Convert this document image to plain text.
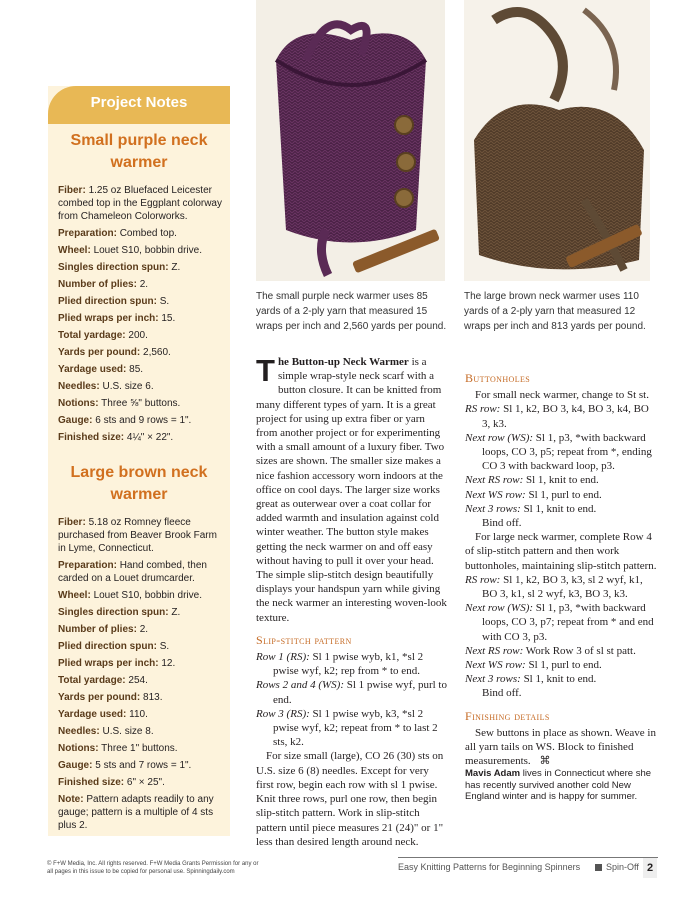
Project Notes
Small purple neck warmer
Fiber: 1.25 oz Bluefaced Leicester combed top in the Eggplant colorway from Chameleon Colorworks.
Preparation: Combed top.
Wheel: Louet S10, bobbin drive.
Singles direction spun: Z.
Number of plies: 2.
Plied direction spun: S.
Plied wraps per inch: 15.
Total yardage: 200.
Yards per pound: 2,560.
Yardage used: 85.
Needles: U.S. size 6.
Notions: Three ⅝" buttons.
Gauge: 6 sts and 9 rows = 1".
Finished size: 4¼" × 22".
Large brown neck warmer
Fiber: 5.18 oz Romney fleece purchased from Beaver Brook Farm in Lyme, Connecticut.
Preparation: Hand combed, then carded on a Louet drumcarder.
Wheel: Louet S10, bobbin drive.
Singles direction spun: Z.
Number of plies: 2.
Plied direction spun: S.
Plied wraps per inch: 12.
Total yardage: 254.
Yards per pound: 813.
Yardage used: 110.
Needles: U.S. size 8.
Notions: Three 1" buttons.
Gauge: 5 sts and 7 rows = 1".
Finished size: 6" × 25".
Note: Pattern adapts readily to any gauge; pattern is a multiple of 4 sts plus 2.
The small purple neck warmer uses 85 yards of a 2-ply yarn that measured 15 wraps per inch and 2,560 yards per pound.
The large brown neck warmer uses 110 yards of a 2-ply yarn that measured 12 wraps per inch and 813 yards per pound.

The Button-up Neck Warmer is a simple wrap-style neck scarf with a button closure. It can be knitted from many different types of yarn. It is a great project for using up extra fiber or yarn from another project or for experimenting with a small amount of a luxury fiber. Two sizes are shown. The smaller size makes a nice fashion accessory worn indoors at the office on cool days. The larger size works great as outerwear over a coat collar for added warmth and insulation against cold winter weather. The button style makes getting the neck warmer on and off easy without having to pull it over your head. The simple slip-stitch design beautifully displays your handspun yarn while giving the neck warmer an interesting woven-look texture.

Slip-stitch pattern

Row 1 (RS): Sl 1 pwise wyb, k1, *sl 2 pwise wyf, k2; rep from * to end.

Rows 2 and 4 (WS): Sl 1 pwise wyf, purl to end.

Row 3 (RS): Sl 1 pwise wyb, k3, *sl 2 pwise wyf, k2; repeat from * to last 2 sts, k2.

For size small (large), CO 26 (30) sts on U.S. size 6 (8) needles. Except for very first row, begin each row with sl 1 pwise. Knit three rows, purl one row, then begin slip-stitch pattern. Work in slip-stitch pattern until piece measures 21 (24)" or 1" less than desired length around neck.

Buttonholes

For small neck warmer, change to St st.

RS row: Sl 1, k2, BO 3, k4, BO 3, k4, BO 3, k3.

Next row (WS): Sl 1, p3, *with backward loops, CO 3, p5; repeat from *, ending CO 3 with backward loop, p3.

Next RS row: Sl 1, knit to end.

Next WS row: Sl 1, purl to end.

Next 3 rows: Sl 1, knit to end.

Bind off.

For large neck warmer, complete Row 4 of slip-stitch pattern and then work buttonholes, maintaining slip-stitch pattern.

RS row: Sl 1, k2, BO 3, k3, sl 2 wyf, k1, BO 3, k1, sl 2 wyf, k3, BO 3, k3.

Next row (WS): Sl 1, p3, *with backward loops, CO 3, p7; repeat from * and end with CO 3, p3.

Next RS row: Work Row 3 of sl st patt.

Next WS row: Sl 1, purl to end.

Next 3 rows: Sl 1, knit to end.

Bind off.

Finishing details

Sew buttons in place as shown. Weave in all yarn tails on WS. Block to finished measurements. ⌘

Mavis Adam lives in Connecticut where she has recently survived another cold New England winter and is happy for summer.

© F+W Media, Inc. All rights reserved. F+W Media Grants Permission for any or all pages in this issue to be copied for personal use. Spinningdaily.com	Easy Knitting Patterns for Beginning Spinners	Spin-Off 2
